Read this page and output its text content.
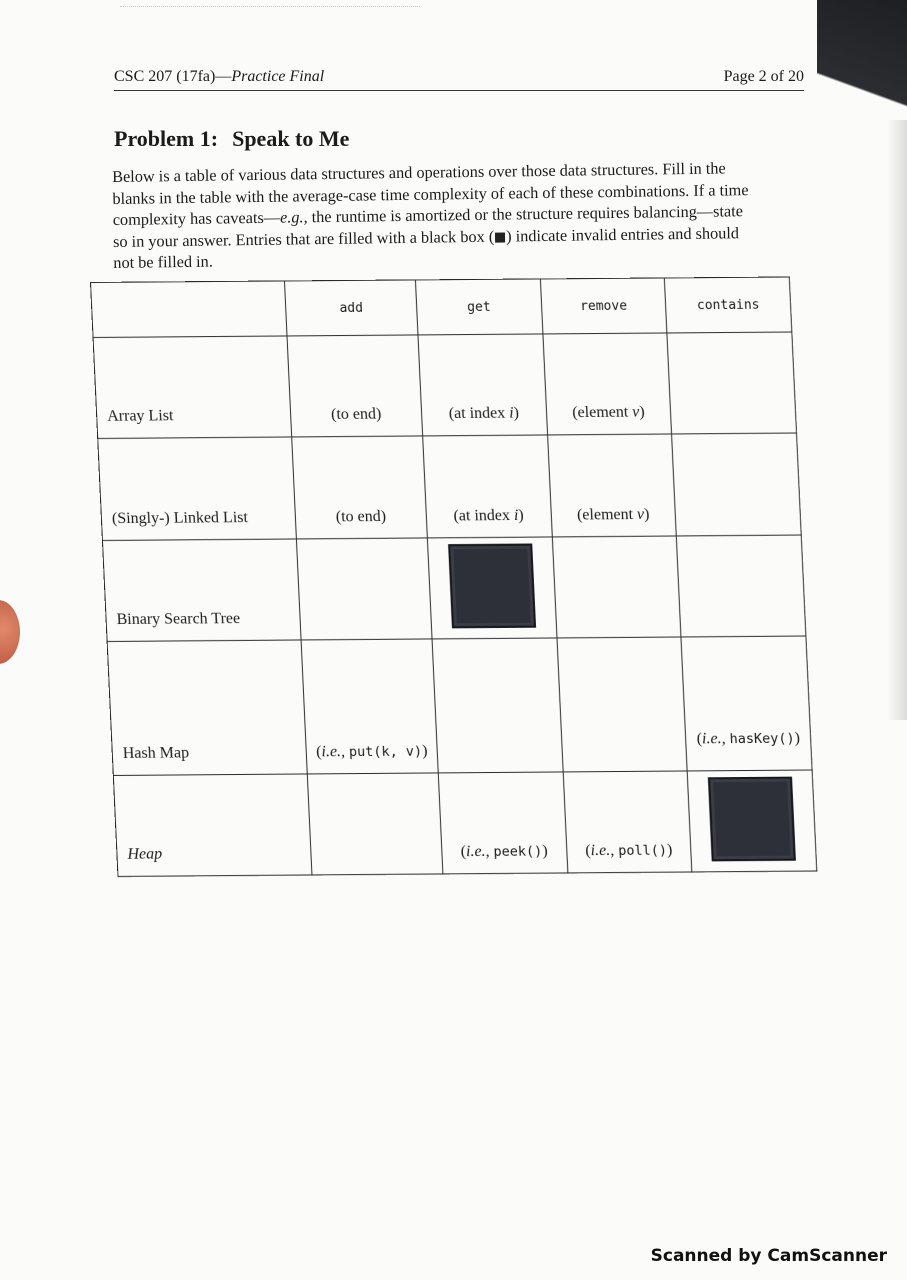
CSC 207 (17fa)—Practice Final	Page 2 of 20
Problem 1: Speak to Me
Below is a table of various data structures and operations over those data structures. Fill in the
blanks in the table with the average-case time complexity of each of these combinations. If a time
complexity has caveats—e.g., the runtime is amortized or the structure requires balancing—state
so in your answer. Entries that are filled with a black box ( ) indicate invalid entries and should
not be filled in.
	add	get	remove	contains
Array List	(to end)	(at index i)	(element v)	
(Singly-) Linked List	(to end)	(at index i)	(element v)	
Binary Search Tree		

Hash Map	(i.e., put(k, v))			(i.e., hasKey())
Heap		(i.e., peek())	(i.e., poll())	
Scanned by CamScanner
